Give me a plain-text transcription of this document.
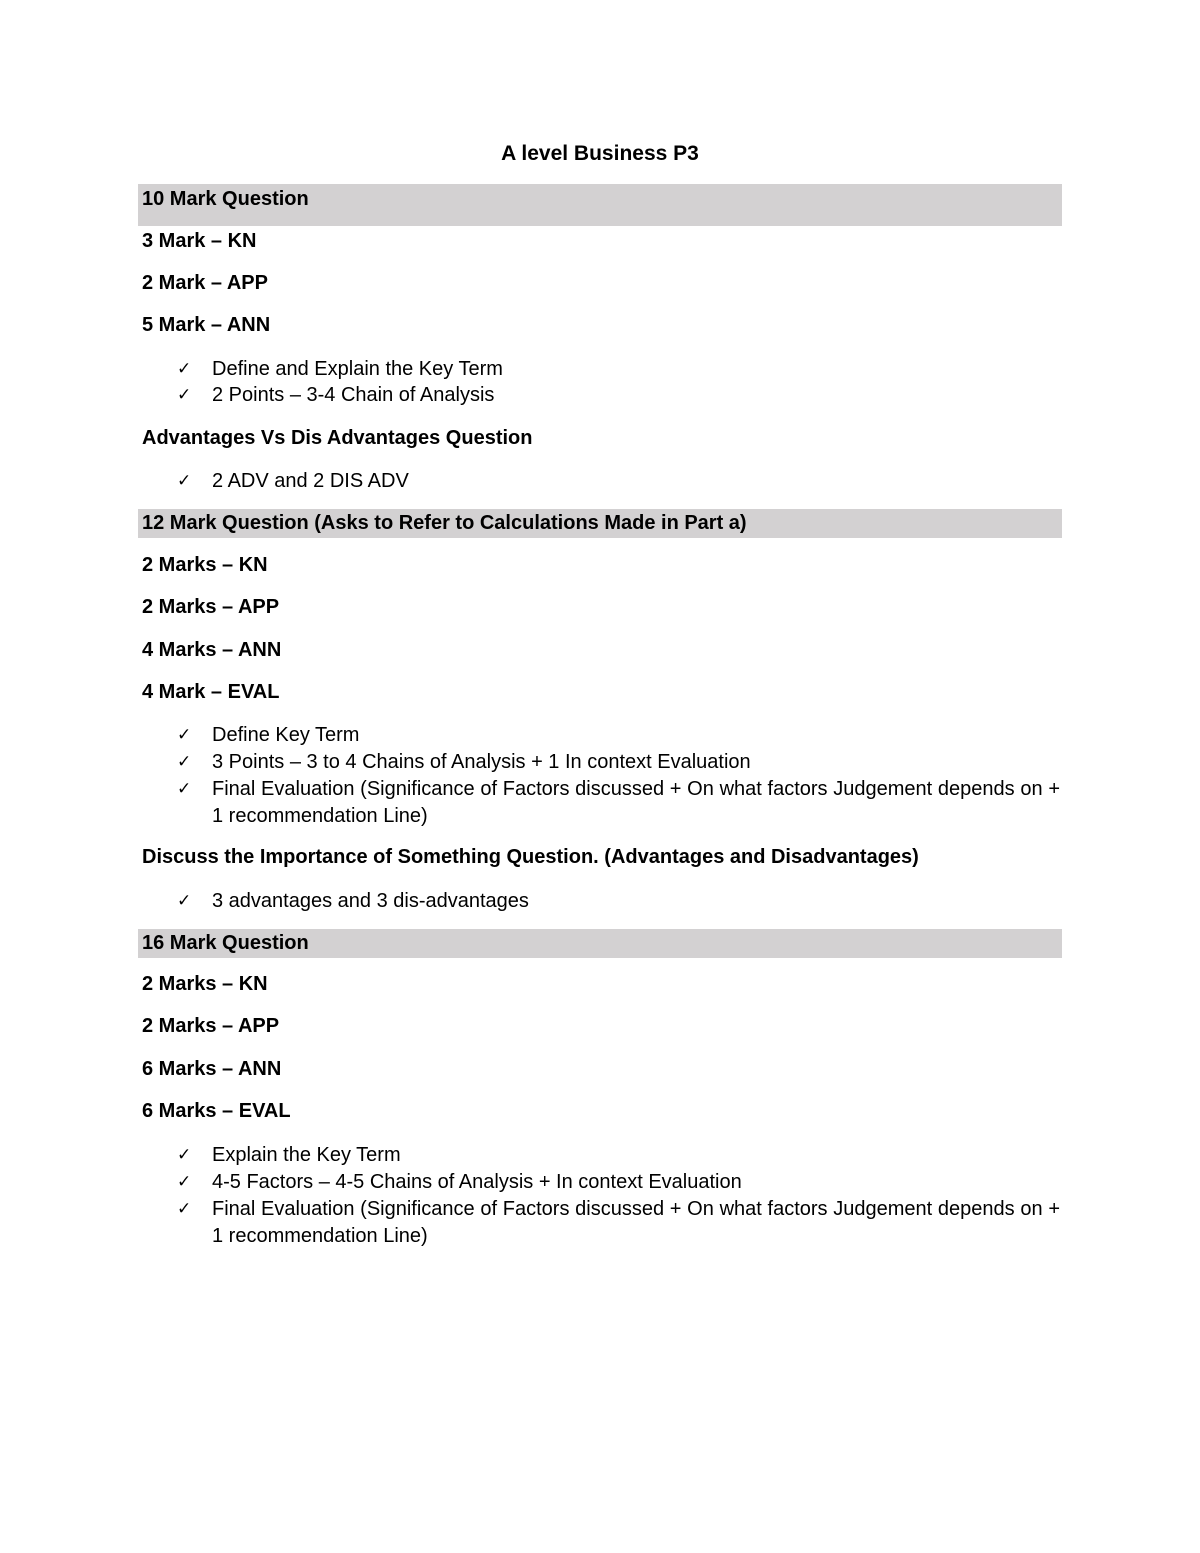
A level Business P3
10 Mark Question
3 Mark – KN
2 Mark – APP
5 Mark – ANN
✓ Define and Explain the Key Term
✓ 2 Points – 3-4 Chain of Analysis
Advantages Vs Dis Advantages Question
✓ 2 ADV and 2 DIS ADV
12 Mark Question (Asks to Refer to Calculations Made in Part a)
2 Marks – KN
2 Marks – APP
4 Marks – ANN
4 Mark – EVAL
✓ Define Key Term
✓ 3 Points – 3 to 4 Chains of Analysis + 1 In context Evaluation
✓ Final Evaluation (Significance of Factors discussed + On what factors Judgement depends on + 1 recommendation Line)
Discuss the Importance of Something Question. (Advantages and Disadvantages)
✓ 3 advantages and 3 dis-advantages
16 Mark Question
2 Marks – KN
2 Marks – APP
6 Marks – ANN
6 Marks – EVAL
✓ Explain the Key Term
✓ 4-5 Factors – 4-5 Chains of Analysis + In context Evaluation
✓ Final Evaluation (Significance of Factors discussed + On what factors Judgement depends on + 1 recommendation Line)
